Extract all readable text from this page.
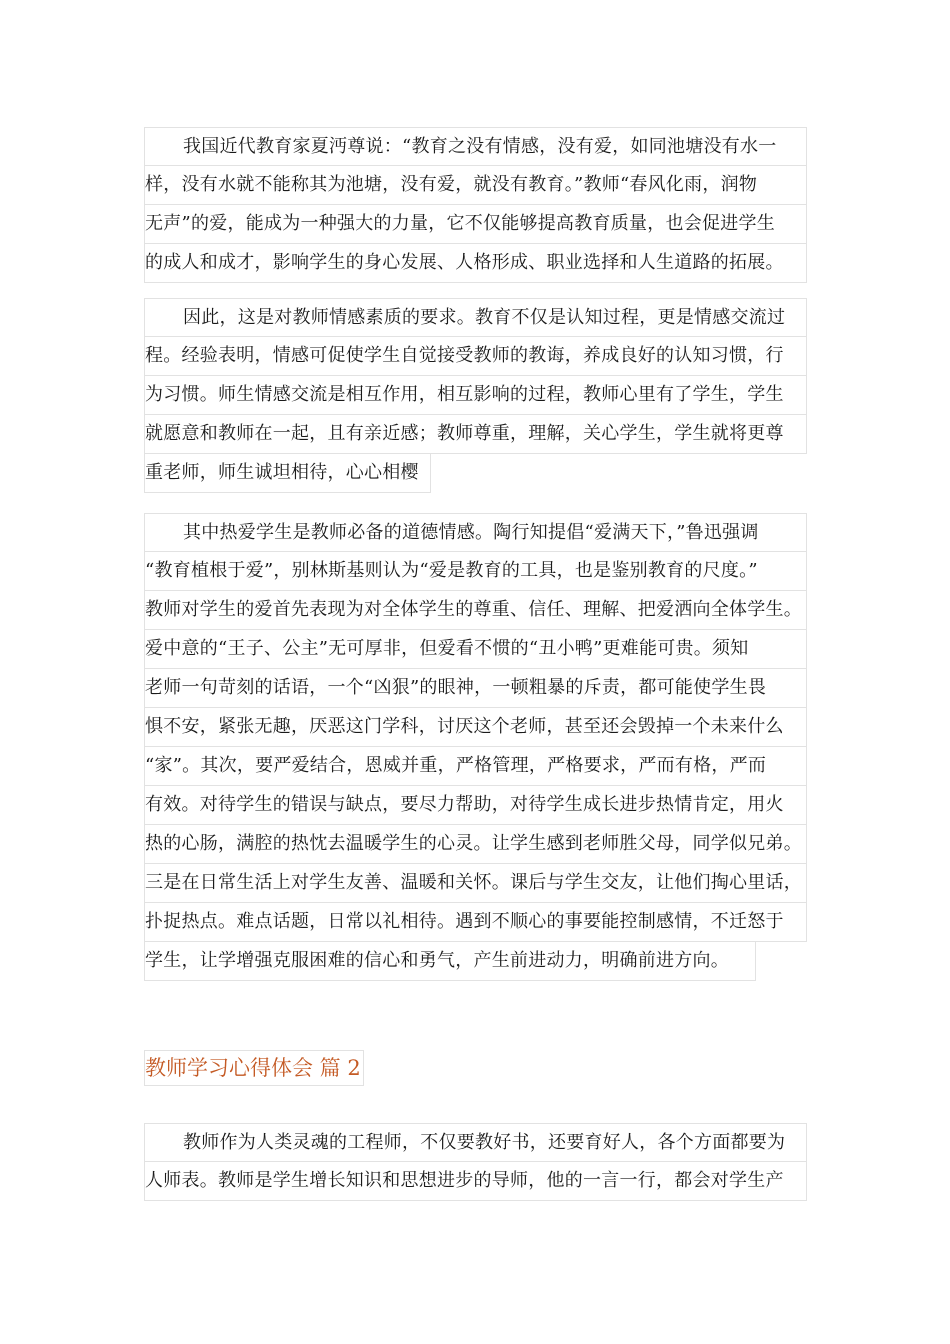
我国近代教育家夏沔尊说：“教育之没有情感，没有爱，如同池塘没有水一
样，没有水就不能称其为池塘，没有爱，就没有教育。”教师“春风化雨，润物
无声”的爱，能成为一种强大的力量，它不仅能够提高教育质量，也会促进学生
的成人和成才，影响学生的身心发展、人格形成、职业选择和人生道路的拓展。
因此，这是对教师情感素质的要求。教育不仅是认知过程，更是情感交流过
程。经验表明，情感可促使学生自觉接受教师的教诲，养成良好的认知习惯，行
为习惯。师生情感交流是相互作用，相互影响的过程，教师心里有了学生，学生
就愿意和教师在一起，且有亲近感；教师尊重，理解，关心学生，学生就将更尊
重老师，师生诚坦相待，心心相樱
其中热爱学生是教师必备的道德情感。陶行知提倡“爱满天下，”鲁迅强调
“教育植根于爱”，别林斯基则认为“爱是教育的工具，也是鉴别教育的尺度。”
教师对学生的爱首先表现为对全体学生的尊重、信任、理解、把爱洒向全体学生。
爱中意的“王子、公主”无可厚非，但爱看不惯的“丑小鸭”更难能可贵。须知
老师一句苛刻的话语，一个“凶狠”的眼神，一顿粗暴的斥责，都可能使学生畏
惧不安，紧张无趣，厌恶这门学科，讨厌这个老师，甚至还会毁掉一个未来什么
“家”。其次，要严爱结合，恩威并重，严格管理，严格要求，严而有格，严而
有效。对待学生的错误与缺点，要尽力帮助，对待学生成长进步热情肯定，用火
热的心肠，满腔的热忱去温暖学生的心灵。让学生感到老师胜父母，同学似兄弟。
三是在日常生活上对学生友善、温暖和关怀。课后与学生交友，让他们掏心里话，
扑捉热点。难点话题，日常以礼相待。遇到不顺心的事要能控制感情，不迁怒于
学生，让学增强克服困难的信心和勇气，产生前进动力，明确前进方向。
教师学习心得体会 篇 2
教师作为人类灵魂的工程师，不仅要教好书，还要育好人，各个方面都要为
人师表。教师是学生增长知识和思想进步的导师，他的一言一行，都会对学生产
